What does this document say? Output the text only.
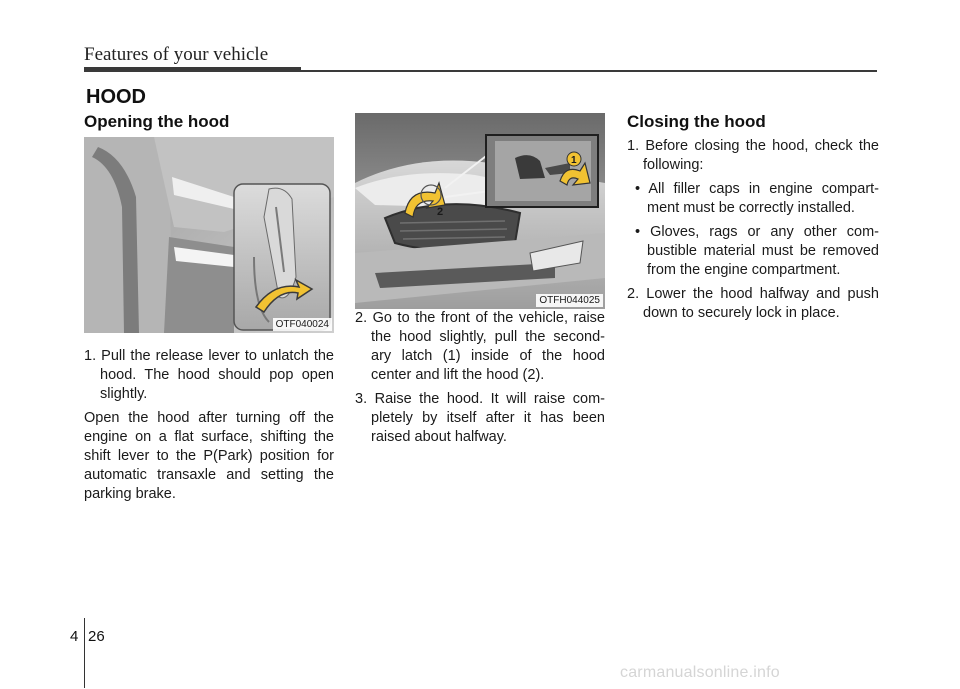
Features of your vehicle
HOOD
Opening the hood
OTF040024
1. Pull the release lever to unlatch the hood. The hood should pop open slightly.
Open the hood after turning off the engine on a flat surface, shifting the shift lever to the P(Park) position for automatic transaxle and setting the parking brake.
2
1
OTFH044025
2. Go to the front of the vehicle, raise the hood slightly, pull the second-ary latch (1) inside of the hood center and lift the hood (2).
3. Raise the hood. It will raise com-pletely by itself after it has been raised about halfway.
Closing the hood
1. Before closing the hood, check the following:
• All filler caps in engine compart-ment must be correctly installed.
• Gloves, rags or any other com-bustible material must be removed from the engine compartment.
2. Lower the hood halfway and push down to securely lock in place.
4 26
carmanualsonline.info
